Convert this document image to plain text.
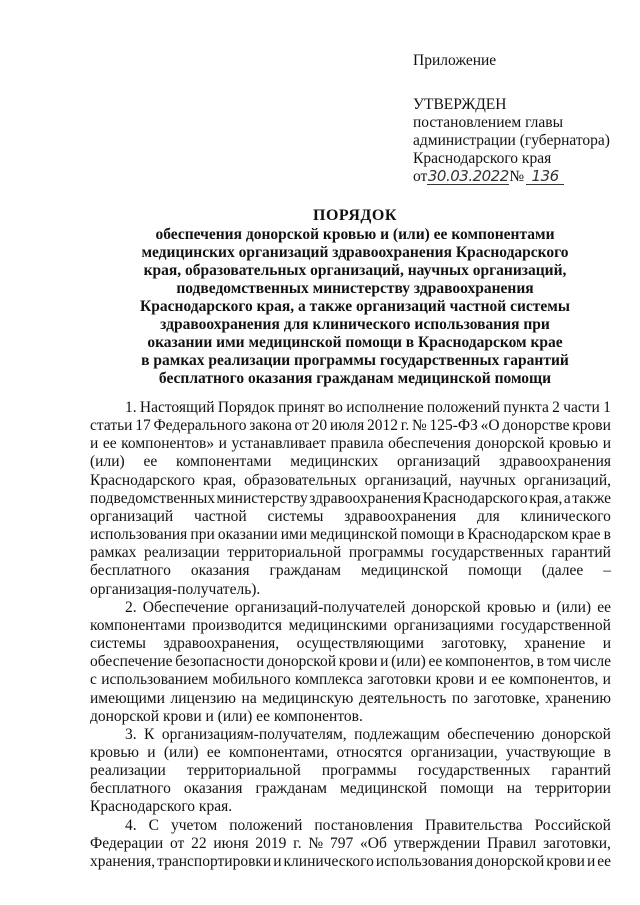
Приложение
УТВЕРЖДЕН
постановлением главы
администрации (губернатора)
Краснодарского края
от30.03.2022№ 136
ПОРЯДОК
обеспечения донорской кровью и (или) ее компонентами
медицинских организаций здравоохранения Краснодарского
края, образовательных организаций, научных организаций,
подведомственных министерству здравоохранения
Краснодарского края, а также организаций частной системы
здравоохранения для клинического использования при
оказании ими медицинской помощи в Краснодарском крае
в рамках реализации программы государственных гарантий
бесплатного оказания гражданам медицинской помощи
1. Настоящий Порядок принят во исполнение положений пункта 2 части 1
статьи 17 Федерального закона от 20 июля 2012 г. № 125-ФЗ «О донорстве крови
и ее компонентов» и устанавливает правила обеспечения донорской кровью и
(или) ее компонентами медицинских организаций здравоохранения
Краснодарского края, образовательных организаций, научных организаций,
подведомственных министерству здравоохранения Краснодарского края, а также
организаций частной системы здравоохранения для клинического
использования при оказании ими медицинской помощи в Краснодарском крае в
рамках реализации территориальной программы государственных гарантий
бесплатного оказания гражданам медицинской помощи (далее –
организация-получатель).
2. Обеспечение организаций-получателей донорской кровью и (или) ее
компонентами производится медицинскими организациями государственной
системы здравоохранения, осуществляющими заготовку, хранение и
обеспечение безопасности донорской крови и (или) ее компонентов, в том числе
с использованием мобильного комплекса заготовки крови и ее компонентов, и
имеющими лицензию на медицинскую деятельность по заготовке, хранению
донорской крови и (или) ее компонентов.
3. К организациям-получателям, подлежащим обеспечению донорской
кровью и (или) ее компонентами, относятся организации, участвующие в
реализации территориальной программы государственных гарантий
бесплатного оказания гражданам медицинской помощи на территории
Краснодарского края.
4. С учетом положений постановления Правительства Российской
Федерации от 22 июня 2019 г. № 797 «Об утверждении Правил заготовки,
хранения, транспортировки и клинического использования донорской крови и ее
